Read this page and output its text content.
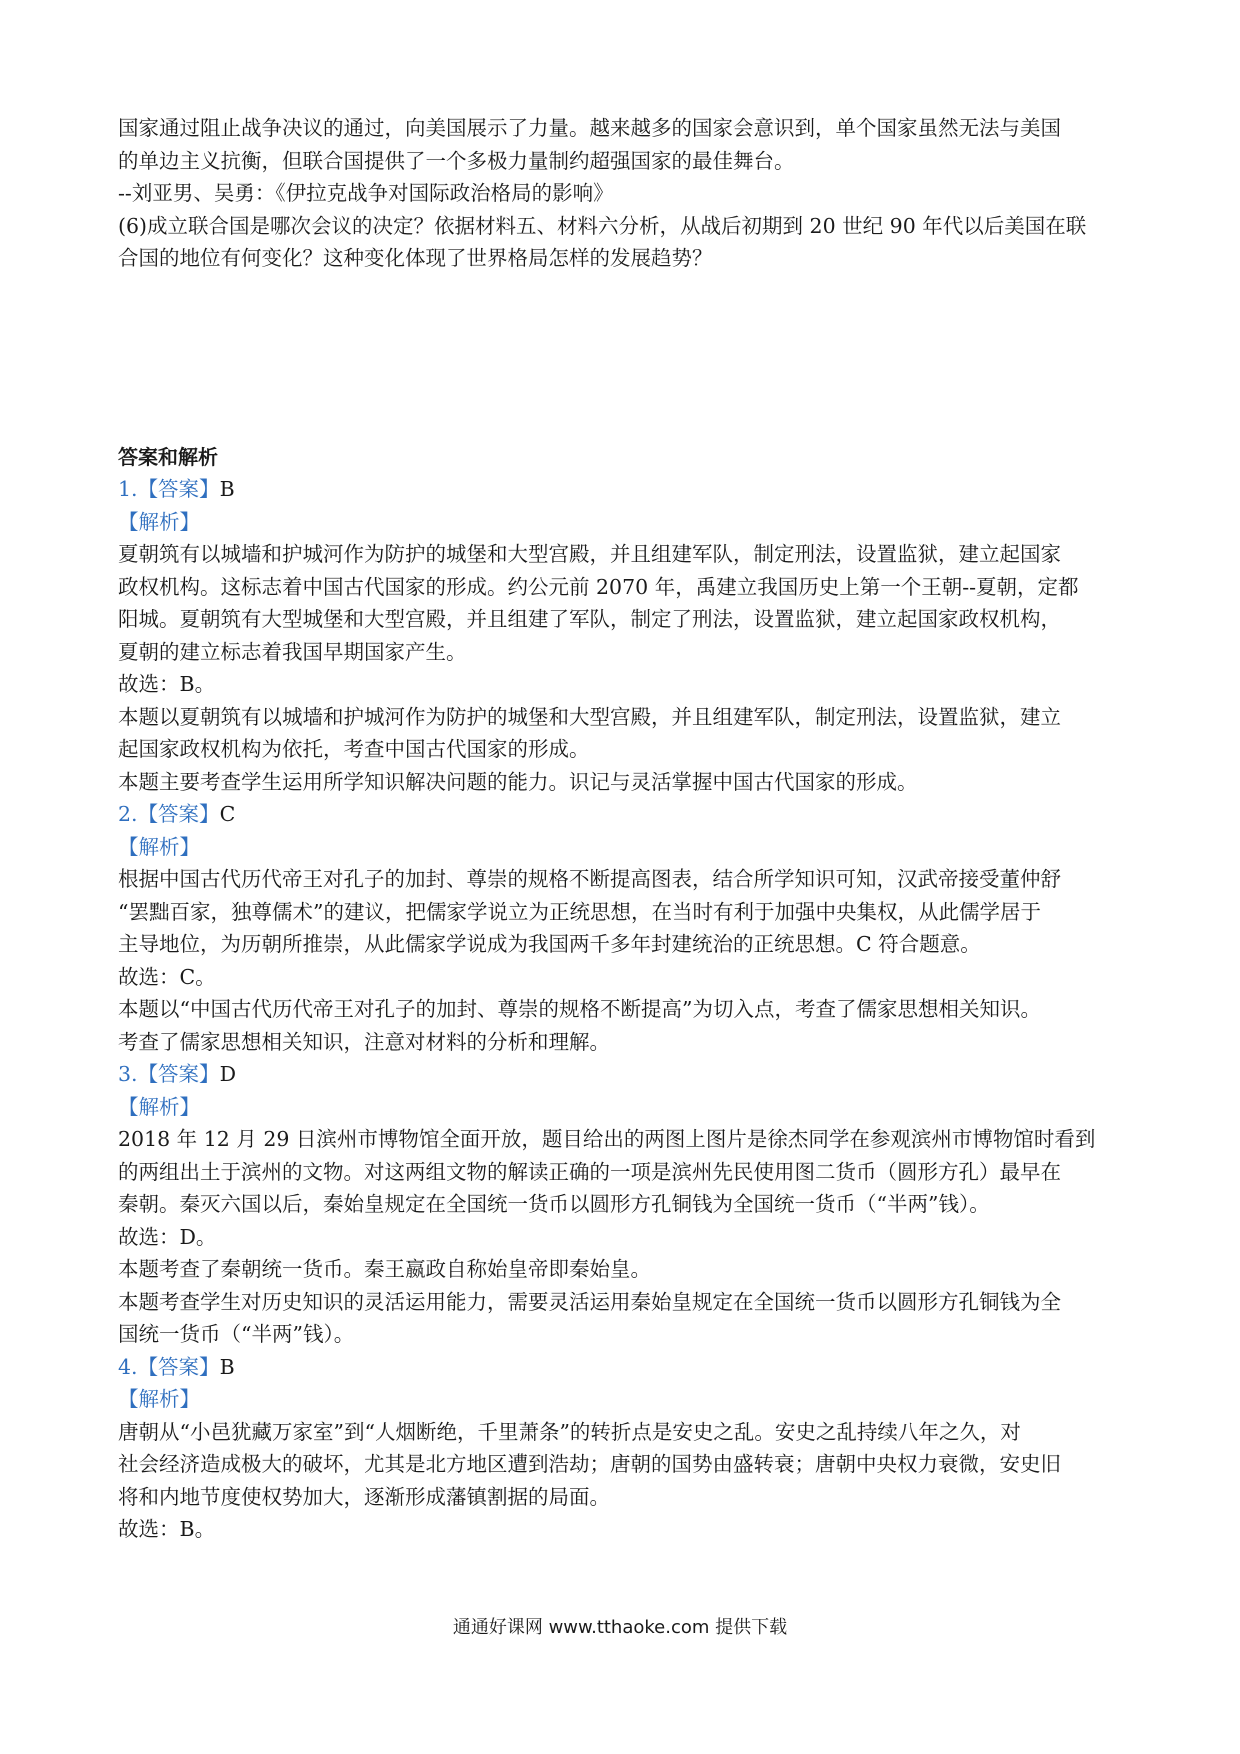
国家通过阻止战争决议的通过，向美国展示了力量。越来越多的国家会意识到，单个国家虽然无法与美国
的单边主义抗衡，但联合国提供了一个多极力量制约超强国家的最佳舞台。
--刘亚男、吴勇：《伊拉克战争对国际政治格局的影响》
(6)成立联合国是哪次会议的决定？依据材料五、材料六分析，从战后初期到 20 世纪 90 年代以后美国在联
合国的地位有何变化？这种变化体现了世界格局怎样的发展趋势？
答案和解析
1.【答案】B
【解析】
夏朝筑有以城墙和护城河作为防护的城堡和大型宫殿，并且组建军队，制定刑法，设置监狱，建立起国家
政权机构。这标志着中国古代国家的形成。约公元前 2070 年，禹建立我国历史上第一个王朝--夏朝，定都
阳城。夏朝筑有大型城堡和大型宫殿，并且组建了军队，制定了刑法，设置监狱，建立起国家政权机构，
夏朝的建立标志着我国早期国家产生。
故选：B。
本题以夏朝筑有以城墙和护城河作为防护的城堡和大型宫殿，并且组建军队，制定刑法，设置监狱，建立
起国家政权机构为依托，考查中国古代国家的形成。
本题主要考查学生运用所学知识解决问题的能力。识记与灵活掌握中国古代国家的形成。
2.【答案】C
【解析】
根据中国古代历代帝王对孔子的加封、尊崇的规格不断提高图表，结合所学知识可知，汉武帝接受董仲舒
“罢黜百家，独尊儒术”的建议，把儒家学说立为正统思想，在当时有利于加强中央集权，从此儒学居于
主导地位，为历朝所推崇，从此儒家学说成为我国两千多年封建统治的正统思想。C 符合题意。
故选：C。
本题以“中国古代历代帝王对孔子的加封、尊崇的规格不断提高”为切入点，考查了儒家思想相关知识。
考查了儒家思想相关知识，注意对材料的分析和理解。
3.【答案】D
【解析】
2018 年 12 月 29 日滨州市博物馆全面开放，题目给出的两图上图片是徐杰同学在参观滨州市博物馆时看到
的两组出土于滨州的文物。对这两组文物的解读正确的一项是滨州先民使用图二货币（圆形方孔）最早在
秦朝。秦灭六国以后，秦始皇规定在全国统一货币以圆形方孔铜钱为全国统一货币（“半两”钱）。
故选：D。
本题考查了秦朝统一货币。秦王嬴政自称始皇帝即秦始皇。
本题考查学生对历史知识的灵活运用能力，需要灵活运用秦始皇规定在全国统一货币以圆形方孔铜钱为全
国统一货币（“半两”钱）。
4.【答案】B
【解析】
唐朝从“小邑犹藏万家室”到“人烟断绝，千里萧条”的转折点是安史之乱。安史之乱持续八年之久，对
社会经济造成极大的破坏，尤其是北方地区遭到浩劫；唐朝的国势由盛转衰；唐朝中央权力衰微，安史旧
将和内地节度使权势加大，逐渐形成藩镇割据的局面。
故选：B。
通通好课网 www.tthaoke.com 提供下载
